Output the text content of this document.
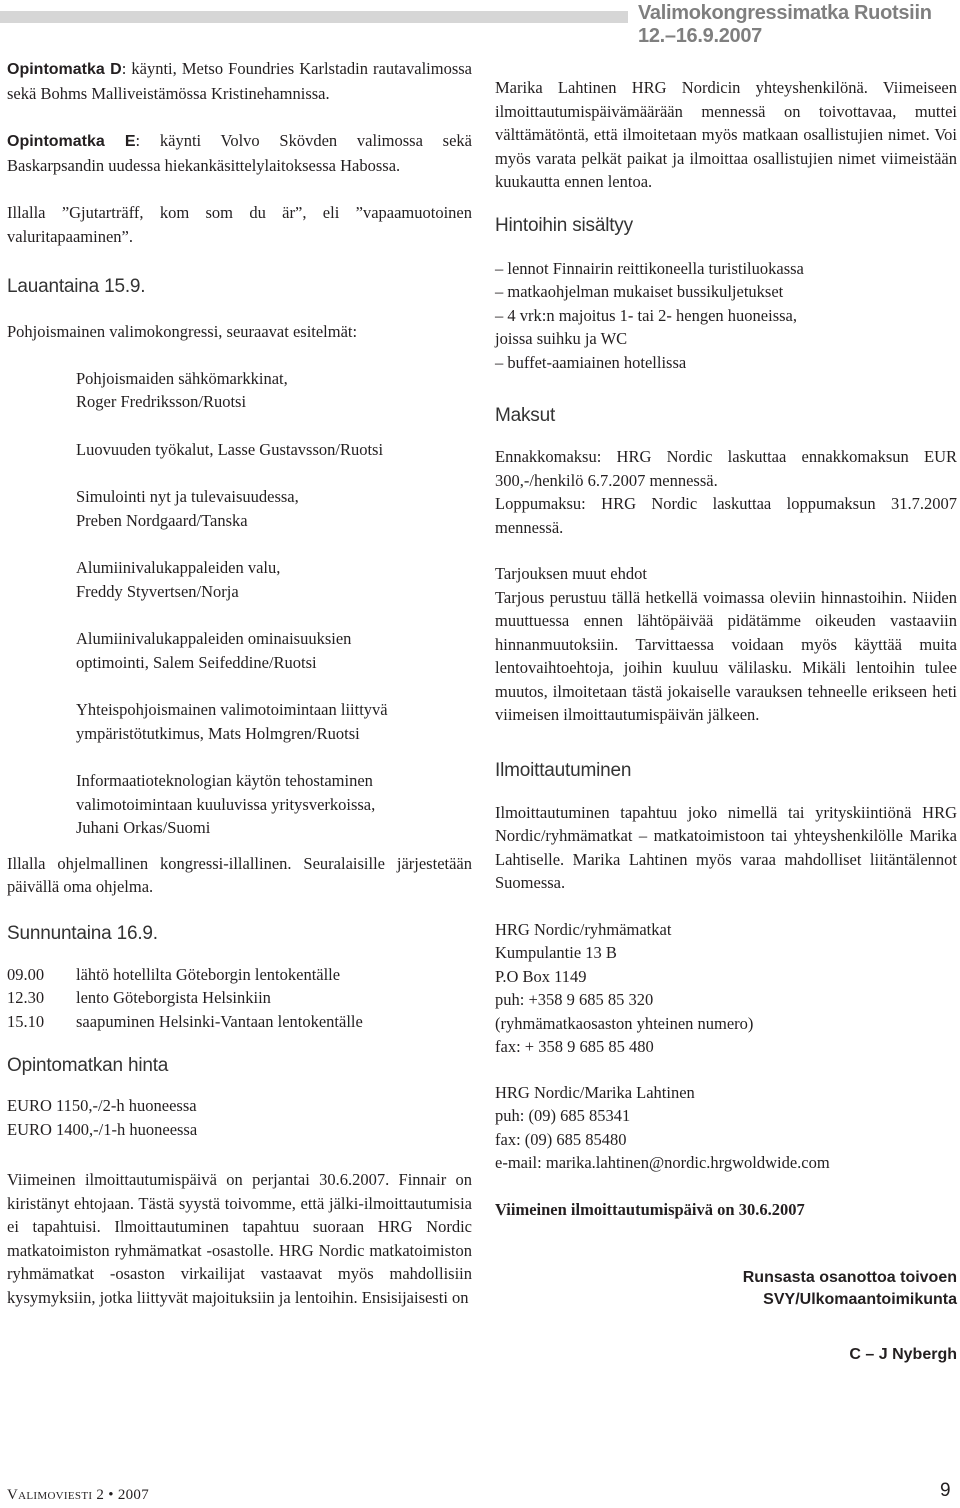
Valimokongressimatka Ruotsiin
12.–16.9.2007

Opintomatka D: käynti, Metso Foundries Karlstadin rautavalimossa sekä Bohms Malliveistämössa Kristinehamnissa.

Opintomatka E: käynti Volvo Skövden valimossa sekä Baskarpsandin uudessa hiekankäsittelylaitoksessa Habossa.

Illalla ”Gjutarträff, kom som du är”, eli ”vapaamuotoinen valuritapaaminen”.

Lauantaina 15.9.

Pohjoismainen valimokongressi, seuraavat esitelmät:

Pohjoismaiden sähkömarkkinat,
Roger Fredriksson/Ruotsi
Luovuuden työkalut, Lasse Gustavsson/Ruotsi
Simulointi nyt ja tulevaisuudessa,
Preben Nordgaard/Tanska
Alumiinivalukappaleiden valu,
Freddy Styvertsen/Norja
Alumiinivalukappaleiden ominaisuuksien
optimointi, Salem Seifeddine/Ruotsi
Yhteispohjoismainen valimotoimintaan liittyvä
ympäristötutkimus, Mats Holmgren/Ruotsi
Informaatioteknologian käytön tehostaminen
valimotoimintaan kuuluvissa yritysverkoissa,
Juhani Orkas/Suomi

Illalla ohjelmallinen kongressi-illallinen. Seuralaisille järjestetään päivällä oma ohjelma.

Sunnuntaina 16.9.

09.00	lähtö hotellilta Göteborgin lentokentälle
12.30	lento Göteborgista Helsinkiin
15.10	saapuminen Helsinki-Vantaan lentokentälle

Opintomatkan hinta

EURO 1150,-/2-h huoneessa

EURO 1400,-/1-h huoneessa

Viimeinen ilmoittautumispäivä on perjantai 30.6.2007. Finnair on kiristänyt ehtojaan. Tästä syystä toivomme, että jälki-ilmoittautumisia ei tapahtuisi. Ilmoittautuminen tapahtuu suoraan HRG Nordic matkatoimiston ryhmämatkat -osastolle. HRG Nordic matkatoimiston ryhmämatkat -osaston virkailijat vastaavat myös mahdollisiin kysymyksiin, jotka liittyvät majoituksiin ja lentoihin. Ensisijaisesti on

Marika Lahtinen HRG Nordicin yhteyshenkilönä. Viimeiseen ilmoittautumispäivämäärään mennessä on toivottavaa, muttei välttämätöntä, että ilmoitetaan myös matkaan osallistujien nimet. Voi myös varata pelkät paikat ja ilmoittaa osallistujien nimet viimeistään kuukautta ennen lentoa.

Hintoihin sisältyy

– lennot Finnairin reittikoneella turistiluokassa
– matkaohjelman mukaiset bussikuljetukset
– 4 vrk:n majoitus 1- tai 2- hengen huoneissa,
joissa suihku ja WC
– buffet-aamiainen hotellissa

Maksut

Ennakkomaksu: HRG Nordic laskuttaa ennakkomaksun EUR 300,-/henkilö 6.7.2007 mennessä.

Loppumaksu: HRG Nordic laskuttaa loppumaksun 31.7.2007 mennessä.

Tarjouksen muut ehdot

Tarjous perustuu tällä hetkellä voimassa oleviin hinnastoihin. Niiden muuttuessa ennen lähtöpäivää pidätämme oikeuden vastaaviin hinnanmuutoksiin. Tarvittaessa voidaan myös käyttää muita lentovaihtoehtoja, joihin kuuluu välilasku. Mikäli lentoihin tulee muutos, ilmoitetaan tästä jokaiselle varauksen tehneelle erikseen heti viimeisen ilmoittautumispäivän jälkeen.

Ilmoittautuminen

Ilmoittautuminen tapahtuu joko nimellä tai yrityskiintiönä HRG Nordic/ryhmämatkat – matkatoimistoon tai yhteyshenkilölle Marika Lahtiselle. Marika Lahtinen myös varaa mahdolliset liitäntälennot Suomessa.

HRG Nordic/ryhmämatkat
Kumpulantie 13 B
P.O Box 1149
puh: +358 9 685 85 320
(ryhmämatkaosaston yhteinen numero)
fax: + 358 9 685 85 480
HRG Nordic/Marika Lahtinen
puh: (09) 685 85341
fax: (09) 685 85480
e-mail: marika.lahtinen@nordic.hrgwoldwide.com

Viimeinen ilmoittautumispäivä on 30.6.2007

Runsasta osanottoa toivoen
SVY/Ulkomaantoimikunta
C – J Nybergh
Valimoviesti 2 • 2007	9
